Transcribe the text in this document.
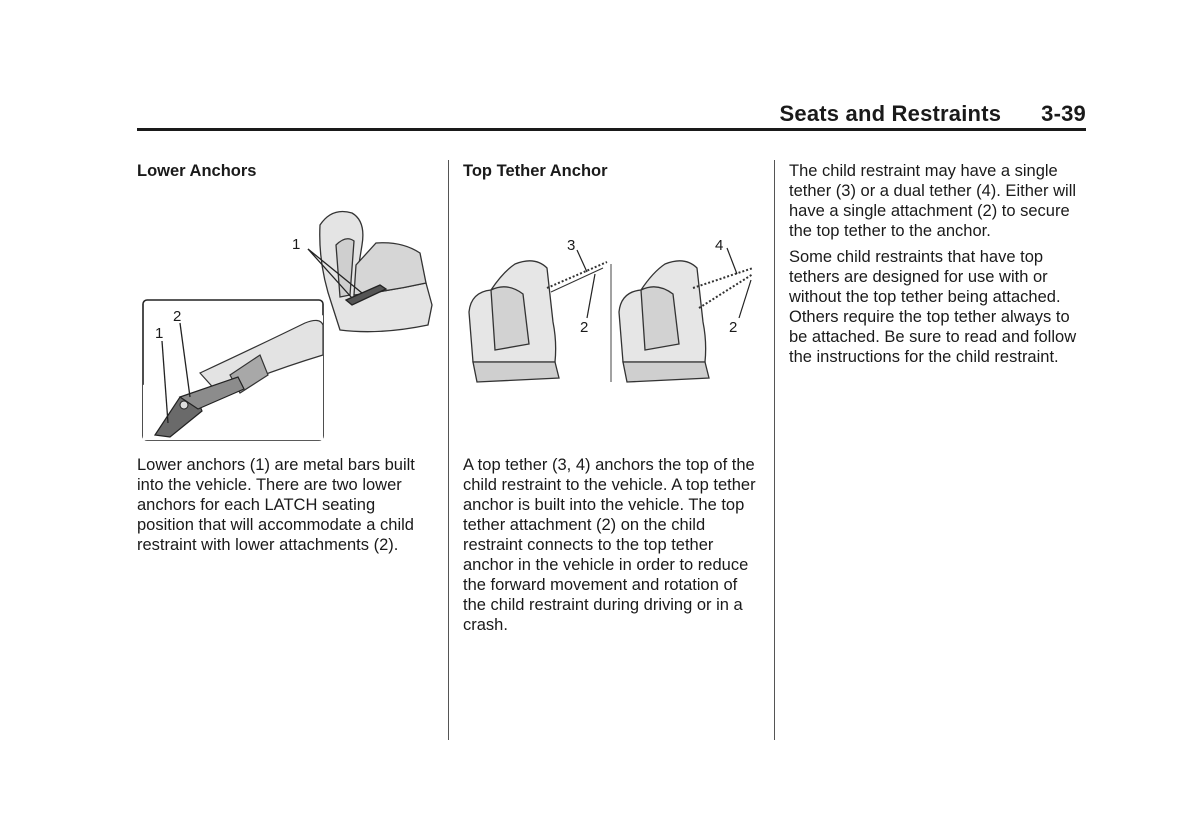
Seats and Restraints 3-39
Lower Anchors
1
1
2

Lower anchors (1) are metal bars built into the vehicle. There are two lower anchors for each LATCH seating position that will accommodate a child restraint with lower attachments (2).

Top Tether Anchor
3
2
4
2

A top tether (3, 4) anchors the top of the child restraint to the vehicle. A top tether anchor is built into the vehicle. The top tether attachment (2) on the child restraint connects to the top tether anchor in the vehicle in order to reduce the forward movement and rotation of the child restraint during driving or in a crash.

The child restraint may have a single tether (3) or a dual tether (4). Either will have a single attachment (2) to secure the top tether to the anchor.

Some child restraints that have top tethers are designed for use with or without the top tether being attached. Others require the top tether always to be attached. Be sure to read and follow the instructions for the child restraint.
